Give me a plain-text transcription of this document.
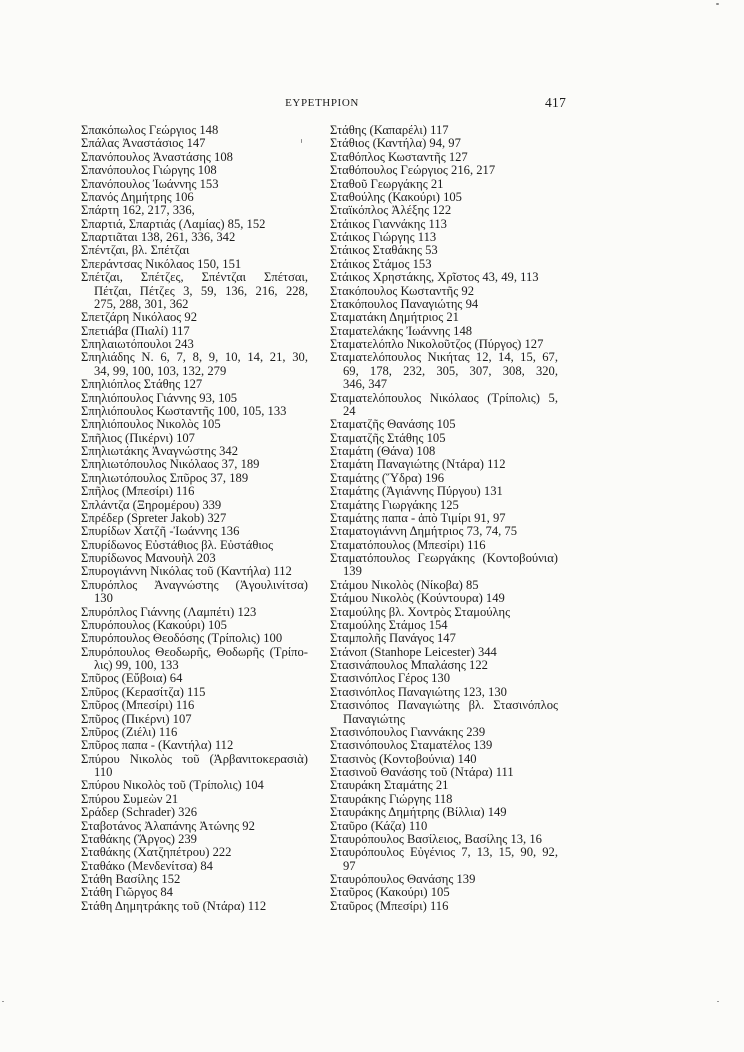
ΕΥΡΕΤΗΡΙΟΝ	417
Σπακόπωλος Γεώργιος 148
Σπάλας Ἀναστάσιος 147
Σπανόπουλος Ἀναστάσης 108
Σπανόπουλος Γιώργης 108
Σπανόπουλος Ἰωάννης 153
Σπανός Δημήτρης 106
Σπάρτη 162, 217, 336,
Σπαρτιά, Σπαρτιάς (Λαμίας) 85, 152
Σπαρτιᾶται 138, 261, 336, 342
Σπέντζαι, βλ. Σπέτζαι
Σπεράντσας Νικόλαος 150, 151
Σπέτζαι, Σπέτζες, Σπέντζαι Σπέτσαι,
Πέτζαι, Πέτζες 3, 59, 136, 216, 228,
275, 288, 301, 362
Σπετζάρη Νικόλαος 92
Σπετιάβα (Πιαλί) 117
Σπηλαιωτόπουλοι 243
Σπηλιάδης Ν. 6, 7, 8, 9, 10, 14, 21, 30,
34, 99, 100, 103, 132, 279
Σπηλιόπλος Στάθης 127
Σπηλιόπουλος Γιάννης 93, 105
Σπηλιόπουλος Κωσταντῆς 100, 105, 133
Σπηλιόπουλος Νικολὸς 105
Σπῆλιος (Πικέρνι) 107
Σπηλιωτάκης Ἀναγνώστης 342
Σπηλιωτόπουλος Νικόλαος 37, 189
Σπηλιωτόπουλος Σπῦρος 37, 189
Σπῆλος (Μπεσίρι) 116
Σπλάντζα (Ξηρομέρου) 339
Σπρέδερ (Spreter Jakob) 327
Σπυρίδων Χατζῆ -Ἰωάννης 136
Σπυρίδωνος Εὐστάθιος βλ. Εὐστάθιος
Σπυρίδωνος Μανουὴλ 203
Σπυρογιάννη Νικόλας τοῦ (Καντήλα) 112
Σπυρόπλος Ἀναγνώστης (Ἀγουλινίτσα)
130
Σπυρόπλος Γιάννης (Λαμπέτι) 123
Σπυρόπουλος (Κακούρι) 105
Σπυρόπουλος Θεοδόσης (Τρίπολις) 100
Σπυρόπουλος Θεοδωρῆς, Θοδωρῆς (Τρίπο-
λις) 99, 100, 133
Σπῦρος (Εὔβοια) 64
Σπῦρος (Κερασίτζα) 115
Σπῦρος (Μπεσίρι) 116
Σπῦρος (Πικέρνι) 107
Σπῦρος (Ζιέλι) 116
Σπῦρος παπα - (Καντήλα) 112
Σπύρου Νικολὸς τοῦ (Ἀρβανιτοκερασιὰ)
110
Σπύρου Νικολὸς τοῦ (Τρίπολις) 104
Σπύρου Συμεὼν 21
Σράδερ (Schrader) 326
Σταβοτάνος Ἀλαπάνης Ἀτώνης 92
Σταθάκης (Ἄργος) 239
Σταθάκης (Χατζηπέτρου) 222
Σταθάκο (Μενδενίτσα) 84
Στάθη Βασίλης 152
Στάθη Γιῶργος 84
Στάθη Δημητράκης τοῦ (Ντάρα) 112
Στάθης (Καπαρέλι) 117
Στάθιος (Καντήλα) 94, 97
Σταθόπλος Κωσταντῆς 127
Σταθόπουλος Γεώργιος 216, 217
Σταθοῦ Γεωργάκης 21
Σταθούλης (Κακούρι) 105
Σταϊκόπλος Ἀλέξης 122
Στάικος Γιαννάκης 113
Στάικος Γιώργης 113
Στάικος Σταθάκης 53
Στάικος Στάμος 153
Στάικος Χρηστάκης, Χρῖστος 43, 49, 113
Στακόπουλος Κωσταντῆς 92
Στακόπουλος Παναγιώτης 94
Σταματάκη Δημήτριος 21
Σταματελάκης Ἰωάννης 148
Σταματελόπλο Νικολοῦτζος (Πύργος) 127
Σταματελόπουλος Νικήτας 12, 14, 15, 67,
69, 178, 232, 305, 307, 308, 320,
346, 347
Σταματελόπουλος Νικόλαος (Τρίπολις) 5,
24
Σταματζῆς Θανάσης 105
Σταματζῆς Στάθης 105
Σταμάτη (Θάνα) 108
Σταμάτη Παναγιώτης (Ντάρα) 112
Σταμάτης (Ὕδρα) 196
Σταμάτης (Ἀγιάννης Πύργου) 131
Σταμάτης Γιωργάκης 125
Σταμάτης παπα - ἀπὸ Τιμίρι 91, 97
Σταματογιάννη Δημήτριος 73, 74, 75
Σταματόπουλος (Μπεσίρι) 116
Σταματόπουλος Γεωργάκης (Κοντοβούνια)
139
Στάμου Νικολὸς (Νίκοβα) 85
Στάμου Νικολὸς (Κούντουρα) 149
Σταμούλης βλ. Χοντρὸς Σταμούλης
Σταμούλης Στάμος 154
Σταμπολῆς Πανάγος 147
Στάνοπ (Stanhope Leicester) 344
Στασινάπουλος Μπαλάσης 122
Στασινόπλος Γέρος 130
Στασινόπλος Παναγιώτης 123, 130
Στασινόπος Παναγιώτης βλ. Στασινόπλος
Παναγιώτης
Στασινόπουλος Γιαννάκης 239
Στασινόπουλος Σταματέλος 139
Στασινὸς (Κοντοβούνια) 140
Στασινοῦ Θανάσης τοῦ (Ντάρα) 111
Σταυράκη Σταμάτης 21
Σταυράκης Γιώργης 118
Σταυράκης Δημήτρης (Βίλλια) 149
Σταῦρο (Κάζα) 110
Σταυρόπουλος Βασίλειος, Βασίλης 13, 16
Σταυρόπουλος Εὐγένιος 7, 13, 15, 90, 92,
97
Σταυρόπουλος Θανάσης 139
Σταῦρος (Κακούρι) 105
Σταῦρος (Μπεσίρι) 116
